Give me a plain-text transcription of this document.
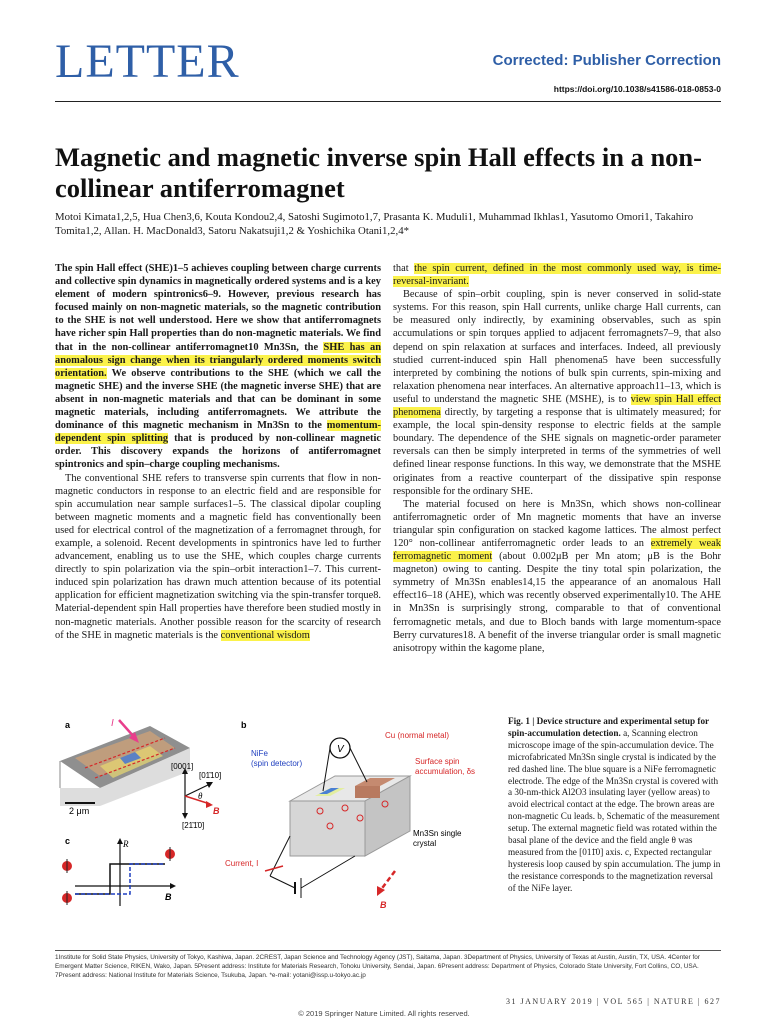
LETTER	Corrected: Publisher Correction
https://doi.org/10.1038/s41586-018-0853-0
Magnetic and magnetic inverse spin Hall effects in a non-collinear antiferromagnet
Motoi Kimata1,2,5, Hua Chen3,6, Kouta Kondou2,4, Satoshi Sugimoto1,7, Prasanta K. Muduli1, Muhammad Ikhlas1, Yasutomo Omori1, Takahiro Tomita1,2, Allan. H. MacDonald3, Satoru Nakatsuji1,2 & Yoshichika Otani1,2,4*

The spin Hall effect (SHE)1–5 achieves coupling between charge currents and collective spin dynamics in magnetically ordered systems and is a key element of modern spintronics6–9. However, previous research has focused mainly on non-magnetic materials, so the magnetic contribution to the SHE is not well understood. Here we show that antiferromagnets have richer spin Hall properties than do non-magnetic materials. We find that in the non-collinear antiferromagnet10 Mn3Sn, the SHE has an anomalous sign change when its triangularly ordered moments switch orientation. We observe contributions to the SHE (which we call the magnetic SHE) and the inverse SHE (the magnetic inverse SHE) that are absent in non-magnetic materials and that can be dominant in some magnetic materials, including antiferromagnets. We attribute the dominance of this magnetic mechanism in Mn3Sn to the momentum-dependent spin splitting that is produced by non-collinear magnetic order. This discovery expands the horizons of antiferromagnet spintronics and spin–charge coupling mechanisms.

The conventional SHE refers to transverse spin currents that flow in non-magnetic conductors in response to an electric field and are responsible for spin accumulation near sample surfaces1–5. The classical dipolar coupling between magnetic moments and a magnetic field has conventionally been used for electrical control of the magnetization of a ferromagnet through, for example, a solenoid. Recent developments in spintronics have led to further advancement, enabling us to use the SHE, which couples charge currents directly to spin polarization via the spin–orbit interaction1–7. This current-induced spin polarization has drawn much attention because of its potential application for efficient magnetization switching via the spin-transfer torque8. Material-dependent spin Hall properties have therefore been studied mostly in non-magnetic materials. Another possible reason for the scarcity of research of the SHE in magnetic materials is the conventional wisdom

that the spin current, defined in the most commonly used way, is time-reversal-invariant.

Because of spin–orbit coupling, spin is never conserved in solid-state systems. For this reason, spin Hall currents, unlike charge Hall currents, can be measured only indirectly, by examining observables, such as spin accumulations or spin torques applied to adjacent ferromagnets7–9, that also depend on spin relaxation at surfaces and interfaces. Indeed, all previously studied current-induced spin Hall phenomena5 have been successfully interpreted by combining the notions of bulk spin currents, spin-mixing and relaxation phenomena near interfaces. An alternative approach11–13, which is useful to understand the magnetic SHE (MSHE), is to view spin Hall effect phenomena directly, by targeting a response that is ultimately measured; for example, the local spin-density response to electric fields at the sample boundary. The dependence of the SHE signals on magnetic-order parameter reversals can then be simply interpreted in terms of the symmetries of well defined linear response functions. In this way, we demonstrate that the MSHE originates from a reactive counterpart of the dissipative spin response responsible for the ordinary SHE.

The material focused on here is Mn3Sn, which shows non-collinear antiferromagnetic order of Mn magnetic moments that have an inverse triangular spin configuration on stacked kagome lattices. The almost perfect 120° non-collinear antiferromagnetic order leads to an extremely weak ferromagnetic moment (about 0.002μB per Mn atom; μB is the Bohr magneton) owing to canting. Despite the tiny total spin polarization, the symmetry of Mn3Sn enables14,15 the appearance of an anomalous Hall effect16–18 (AHE), which was recently observed experimentally10. The AHE in Mn3Sn is surprisingly strong, comparable to that of conventional ferromagnetic metals, and due to Bloch bands with large momentum-space Berry curvatures18. A benefit of the inverse triangular order is small magnetic anisotropy within the kagome plane,

a	I
2 μm
[0001]
[01̄10]
[21̄1̄0]
θ
B
c	R
B
b
V
Cu (normal metal)
NiFe
(spin detector)	Surface spin
accumulation, δs
Mn3Sn single
crystal
Current, I
B
Fig. 1 | Device structure and experimental setup for spin-accumulation detection. a, Scanning electron microscope image of the spin-accumulation device. The microfabricated Mn3Sn single crystal is indicated by the red dashed line. The blue square is a NiFe ferromagnetic electrode. The edge of the Mn3Sn crystal is covered with a 30-nm-thick Al2O3 insulating layer (yellow areas) to avoid electrical contact at the edge. The brown areas are non-magnetic Cu leads. b, Schematic of the measurement setup. The external magnetic field was rotated within the basal plane of the device and the field angle θ was measured from the [011̄0] axis. c, Expected rectangular hysteresis loop caused by spin accumulation. The jump in the resistance corresponds to the magnetization reversal of the NiFe layer.
1Institute for Solid State Physics, University of Tokyo, Kashiwa, Japan. 2CREST, Japan Science and Technology Agency (JST), Saitama, Japan. 3Department of Physics, University of Texas at Austin, Austin, TX, USA. 4Center for Emergent Matter Science, RIKEN, Wako, Japan. 5Present address: Institute for Materials Research, Tohoku University, Sendai, Japan. 6Present address: Department of Physics, Colorado State University, Fort Collins, CO, USA. 7Present address: National Institute for Materials Science, Tsukuba, Japan. *e-mail: yotani@issp.u-tokyo.ac.jp
31 JANUARY 2019 | VOL 565 | NATURE | 627
© 2019 Springer Nature Limited. All rights reserved.
